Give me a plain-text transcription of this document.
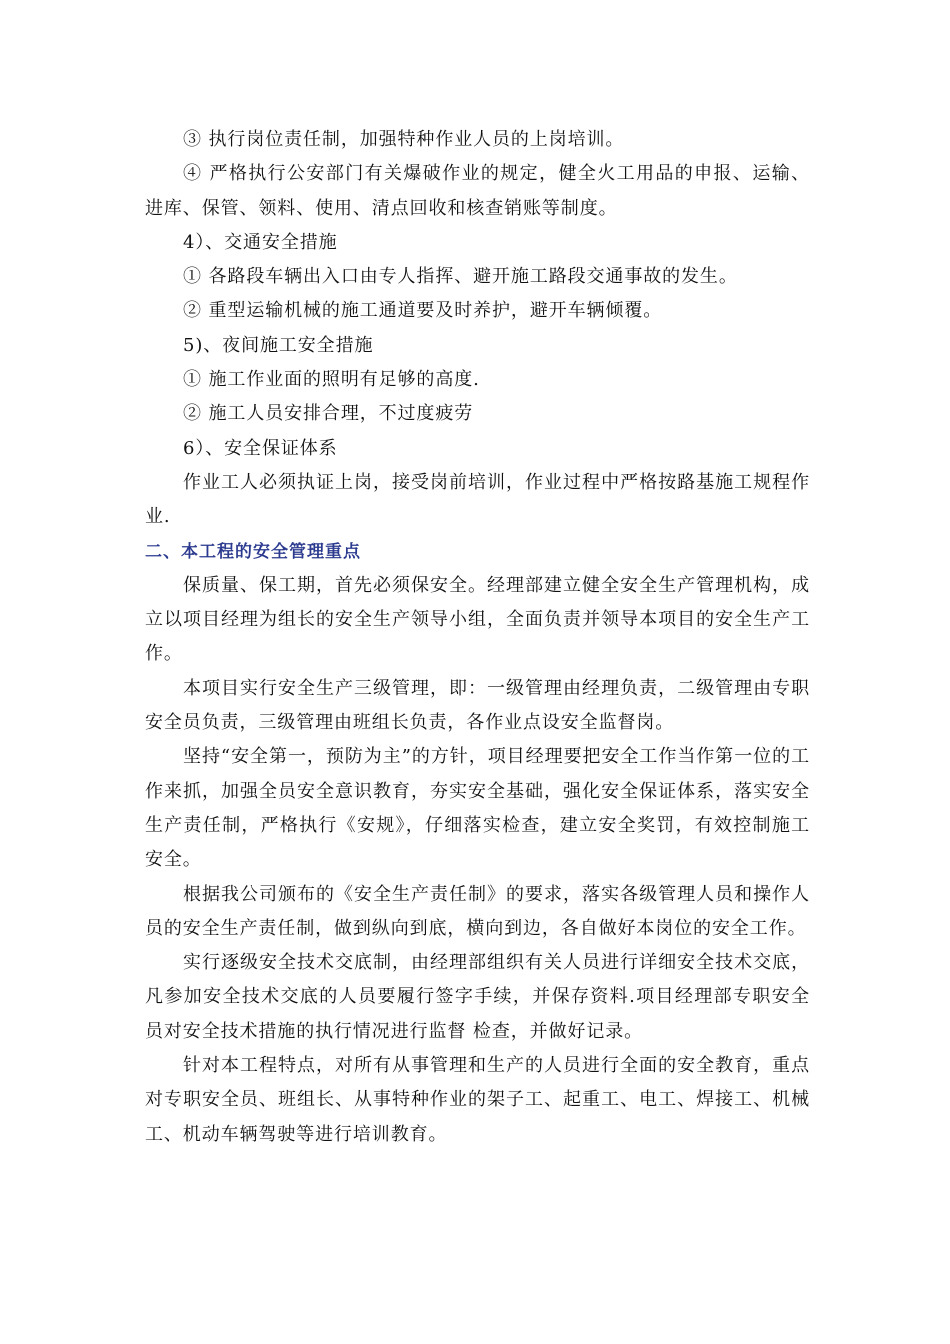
③ 执行岗位责任制，加强特种作业人员的上岗培训。

④ 严格执行公安部门有关爆破作业的规定，健全火工用品的申报、运输、进库、保管、领料、使用、清点回收和核查销账等制度。

4）、交通安全措施

① 各路段车辆出入口由专人指挥、避开施工路段交通事故的发生。

② 重型运输机械的施工通道要及时养护，避开车辆倾覆。

5)、夜间施工安全措施

① 施工作业面的照明有足够的高度.

② 施工人员安排合理，不过度疲劳

6）、安全保证体系

作业工人必须执证上岗，接受岗前培训，作业过程中严格按路基施工规程作业.

二、本工程的安全管理重点

保质量、保工期，首先必须保安全。经理部建立健全安全生产管理机构，成立以项目经理为组长的安全生产领导小组，全面负责并领导本项目的安全生产工作。

本项目实行安全生产三级管理，即：一级管理由经理负责，二级管理由专职安全员负责，三级管理由班组长负责，各作业点设安全监督岗。

坚持“安全第一，预防为主”的方针，项目经理要把安全工作当作第一位的工作来抓，加强全员安全意识教育，夯实安全基础，强化安全保证体系，落实安全生产责任制，严格执行《安规》，仔细落实检查，建立安全奖罚，有效控制施工安全。

根据我公司颁布的《安全生产责任制》的要求，落实各级管理人员和操作人员的安全生产责任制，做到纵向到底，横向到边，各自做好本岗位的安全工作。

实行逐级安全技术交底制，由经理部组织有关人员进行详细安全技术交底，凡参加安全技术交底的人员要履行签字手续，并保存资料.项目经理部专职安全员对安全技术措施的执行情况进行监督 检查，并做好记录。

针对本工程特点，对所有从事管理和生产的人员进行全面的安全教育，重点对专职安全员、班组长、从事特种作业的架子工、起重工、电工、焊接工、机械工、机动车辆驾驶等进行培训教育。
